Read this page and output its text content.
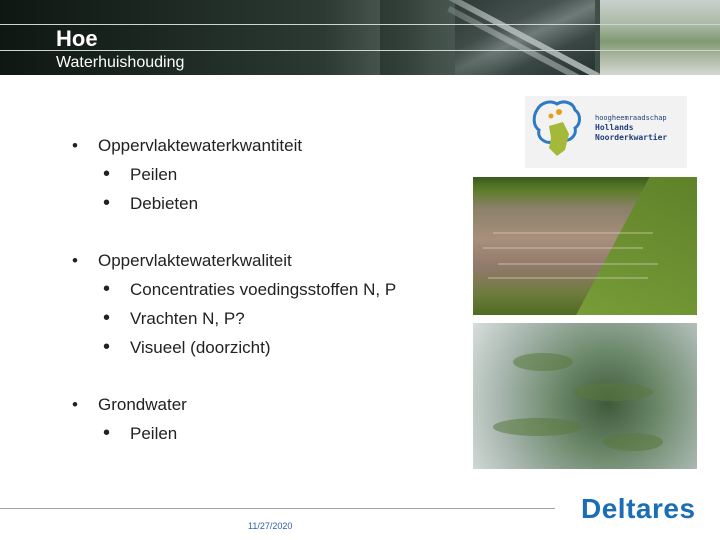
Hoe
Waterhuishouding
• Oppervlaktewaterkwantiteit
• Peilen
• Debieten
• Oppervlaktewaterkwaliteit
• Concentraties voedingsstoffen N, P
• Vrachten N, P?
• Visueel (doorzicht)
• Grondwater
• Peilen
hoogheemraadschap
Hollands
Noorderkwartier
11/27/2020
Deltares
